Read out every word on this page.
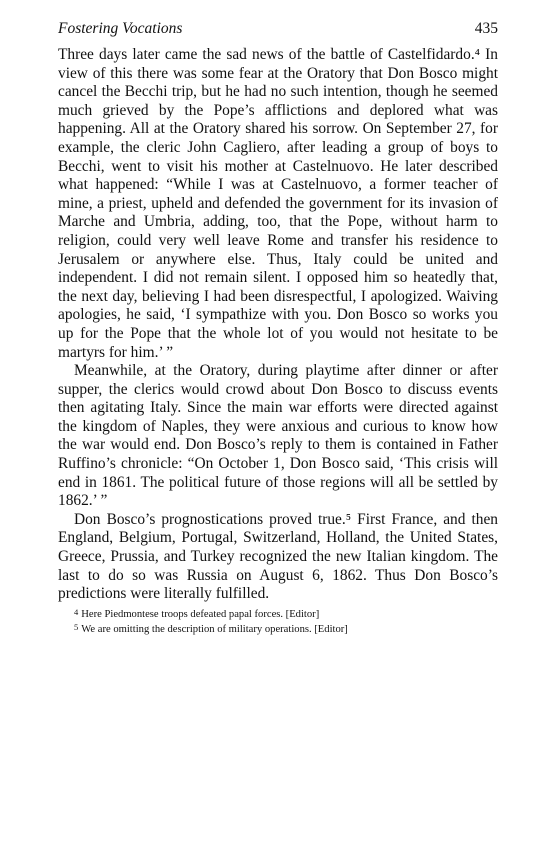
Fostering Vocations	435

Three days later came the sad news of the battle of Castelfidardo.⁴ In view of this there was some fear at the Oratory that Don Bosco might cancel the Becchi trip, but he had no such intention, though he seemed much grieved by the Pope’s afflictions and deplored what was happening. All at the Oratory shared his sorrow. On September 27, for example, the cleric John Cagliero, after leading a group of boys to Becchi, went to visit his mother at Castelnuovo. He later described what happened: “While I was at Castelnuovo, a former teacher of mine, a priest, upheld and defended the government for its invasion of Marche and Umbria, adding, too, that the Pope, without harm to religion, could very well leave Rome and transfer his residence to Jerusalem or anywhere else. Thus, Italy could be united and independent. I did not remain silent. I opposed him so heatedly that, the next day, believing I had been disrespectful, I apologized. Waiving apologies, he said, ‘I sympathize with you. Don Bosco so works you up for the Pope that the whole lot of you would not hesitate to be martyrs for him.’ ”

Meanwhile, at the Oratory, during playtime after dinner or after supper, the clerics would crowd about Don Bosco to discuss events then agitating Italy. Since the main war efforts were directed against the kingdom of Naples, they were anxious and curious to know how the war would end. Don Bosco’s reply to them is contained in Father Ruffino’s chronicle: “On October 1, Don Bosco said, ‘This crisis will end in 1861. The political future of those regions will all be settled by 1862.’ ”

Don Bosco’s prognostications proved true.⁵ First France, and then England, Belgium, Portugal, Switzerland, Holland, the United States, Greece, Prussia, and Turkey recognized the new Italian kingdom. The last to do so was Russia on August 6, 1862. Thus Don Bosco’s predictions were literally fulfilled.

4 Here Piedmontese troops defeated papal forces. [Editor]

5 We are omitting the description of military operations. [Editor]
